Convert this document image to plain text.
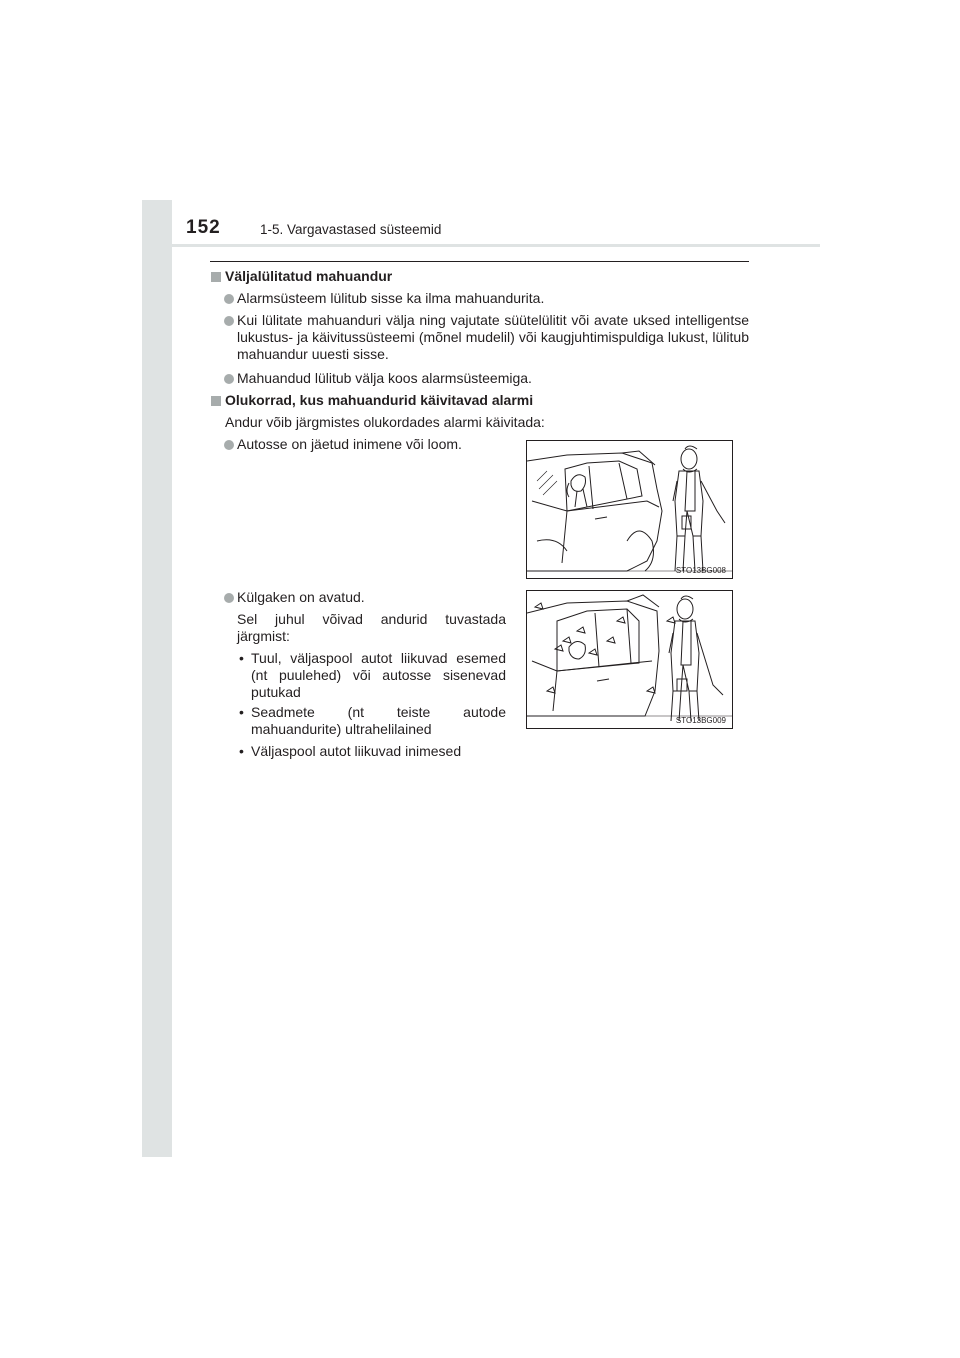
152	1-5. Vargavastased süsteemid
Väljalülitatud mahuandur
Alarmsüsteem lülitub sisse ka ilma mahuandurita.
Kui lülitate mahuanduri välja ning vajutate süütelülitit või avate uksed intelligentse lukustus- ja käivitussüsteemi (mõnel mudelil) või kaugjuhtimispuldiga lukust, lülitub mahuandur uuesti sisse.
Mahuandud lülitub välja koos alarmsüsteemiga.
Olukorrad, kus mahuandurid käivitavad alarmi
Andur võib järgmistes olukordades alarmi käivitada:
Autosse on jäetud inimene või loom.
STO13BG008
Külgaken on avatud.
Sel juhul võivad andurid tuvastada järgmist:
• Tuul, väljaspool autot liikuvad esemed (nt puulehed) või autosse sisenevad putukad
• Seadmete (nt teiste autode mahuandurite) ultrahelilained
• Väljaspool autot liikuvad inimesed
STO13BG009
